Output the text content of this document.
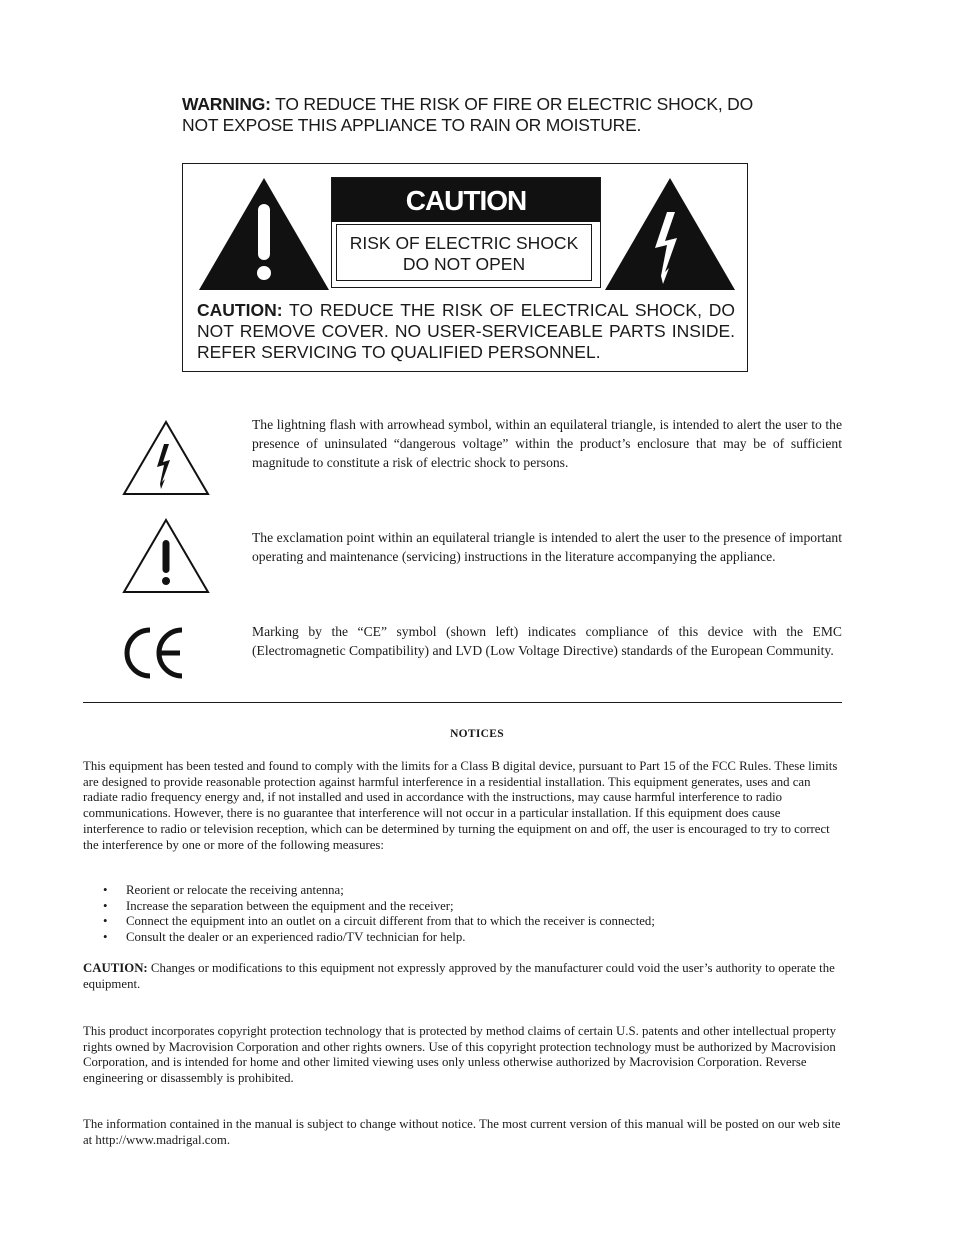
WARNING: TO REDUCE THE RISK OF FIRE OR ELECTRIC SHOCK, DO NOT EXPOSE THIS APPLIANCE TO RAIN OR MOISTURE.
CAUTION
RISK OF ELECTRIC SHOCK
DO NOT OPEN
CAUTION: TO REDUCE THE RISK OF ELECTRICAL SHOCK, DO NOT REMOVE COVER. NO USER-SERVICEABLE PARTS INSIDE. REFER SERVICING TO QUALIFIED PERSONNEL.
The lightning flash with arrowhead symbol, within an equilateral triangle, is intended to alert the user to the presence of uninsulated “dangerous voltage” within the product’s enclosure that may be of sufficient magnitude to constitute a risk of electric shock to persons.
The exclamation point within an equilateral triangle is intended to alert the user to the presence of important operating and maintenance (servicing) instructions in the literature accompanying the appliance.
Marking by the “CE” symbol (shown left) indicates compliance of this device with the EMC (Electromagnetic Compatibility) and LVD (Low Voltage Directive) standards of the European Community.
NOTICES
This equipment has been tested and found to comply with the limits for a Class B digital device, pursuant to Part 15 of the FCC Rules. These limits are designed to provide reasonable protection against harmful interference in a residential installation. This equipment generates, uses and can radiate radio frequency energy and, if not installed and used in accordance with the instructions, may cause harmful interference to radio communications. However, there is no guarantee that interference will not occur in a particular installation. If this equipment does cause interference to radio or television reception, which can be determined by turning the equipment on and off, the user is encouraged to try to correct the interference by one or more of the following measures:
• Reorient or relocate the receiving antenna;
• Increase the separation between the equipment and the receiver;
• Connect the equipment into an outlet on a circuit different from that to which the receiver is connected;
• Consult the dealer or an experienced radio/TV technician for help.
CAUTION: Changes or modifications to this equipment not expressly approved by the manufacturer could void the user’s authority to operate the equipment.
This product incorporates copyright protection technology that is protected by method claims of certain U.S. patents and other intellectual property rights owned by Macrovision Corporation and other rights owners. Use of this copyright protection technology must be authorized by Macrovision Corporation, and is intended for home and other limited viewing uses only unless otherwise authorized by Macrovision Corporation. Reverse engineering or disassembly is prohibited.
The information contained in the manual is subject to change without notice. The most current version of this manual will be posted on our web site at http://www.madrigal.com.
